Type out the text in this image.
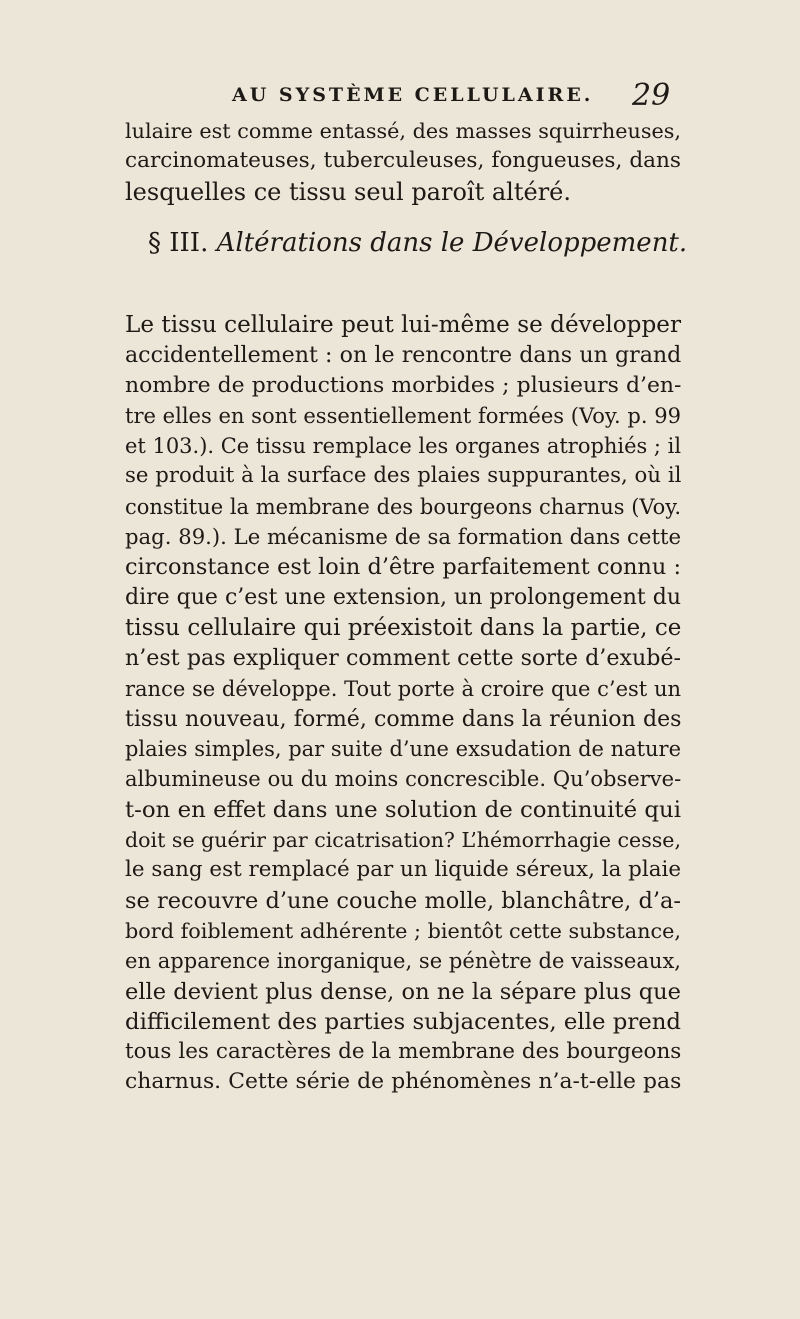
AU SYSTÈME CELLULAIRE. 29
lulaire est comme entassé, des masses squirrheuses,
carcinomateuses, tuberculeuses, fongueuses, dans
lesquelles ce tissu seul paroît altéré.
§ III. Altérations dans le Développement.
Le tissu cellulaire peut lui-même se développer
accidentellement : on le rencontre dans un grand
nombre de productions morbides ; plusieurs d’en-
tre elles en sont essentiellement formées (Voy. p. 99
et 103.). Ce tissu remplace les organes atrophiés ; il
se produit à la surface des plaies suppurantes, où il
constitue la membrane des bourgeons charnus (Voy.
pag. 89.). Le mécanisme de sa formation dans cette
circonstance est loin d’être parfaitement connu :
dire que c’est une extension, un prolongement du
tissu cellulaire qui préexistoit dans la partie, ce
n’est pas expliquer comment cette sorte d’exubé-
rance se développe. Tout porte à croire que c’est un
tissu nouveau, formé, comme dans la réunion des
plaies simples, par suite d’une exsudation de nature
albumineuse ou du moins concrescible. Qu’observe-
t-on en effet dans une solution de continuité qui
doit se guérir par cicatrisation? L’hémorrhagie cesse,
le sang est remplacé par un liquide séreux, la plaie
se recouvre d’une couche molle, blanchâtre, d’a-
bord foiblement adhérente ; bientôt cette substance,
en apparence inorganique, se pénètre de vaisseaux,
elle devient plus dense, on ne la sépare plus que
difficilement des parties subjacentes, elle prend
tous les caractères de la membrane des bourgeons
charnus. Cette série de phénomènes n’a-t-elle pas
